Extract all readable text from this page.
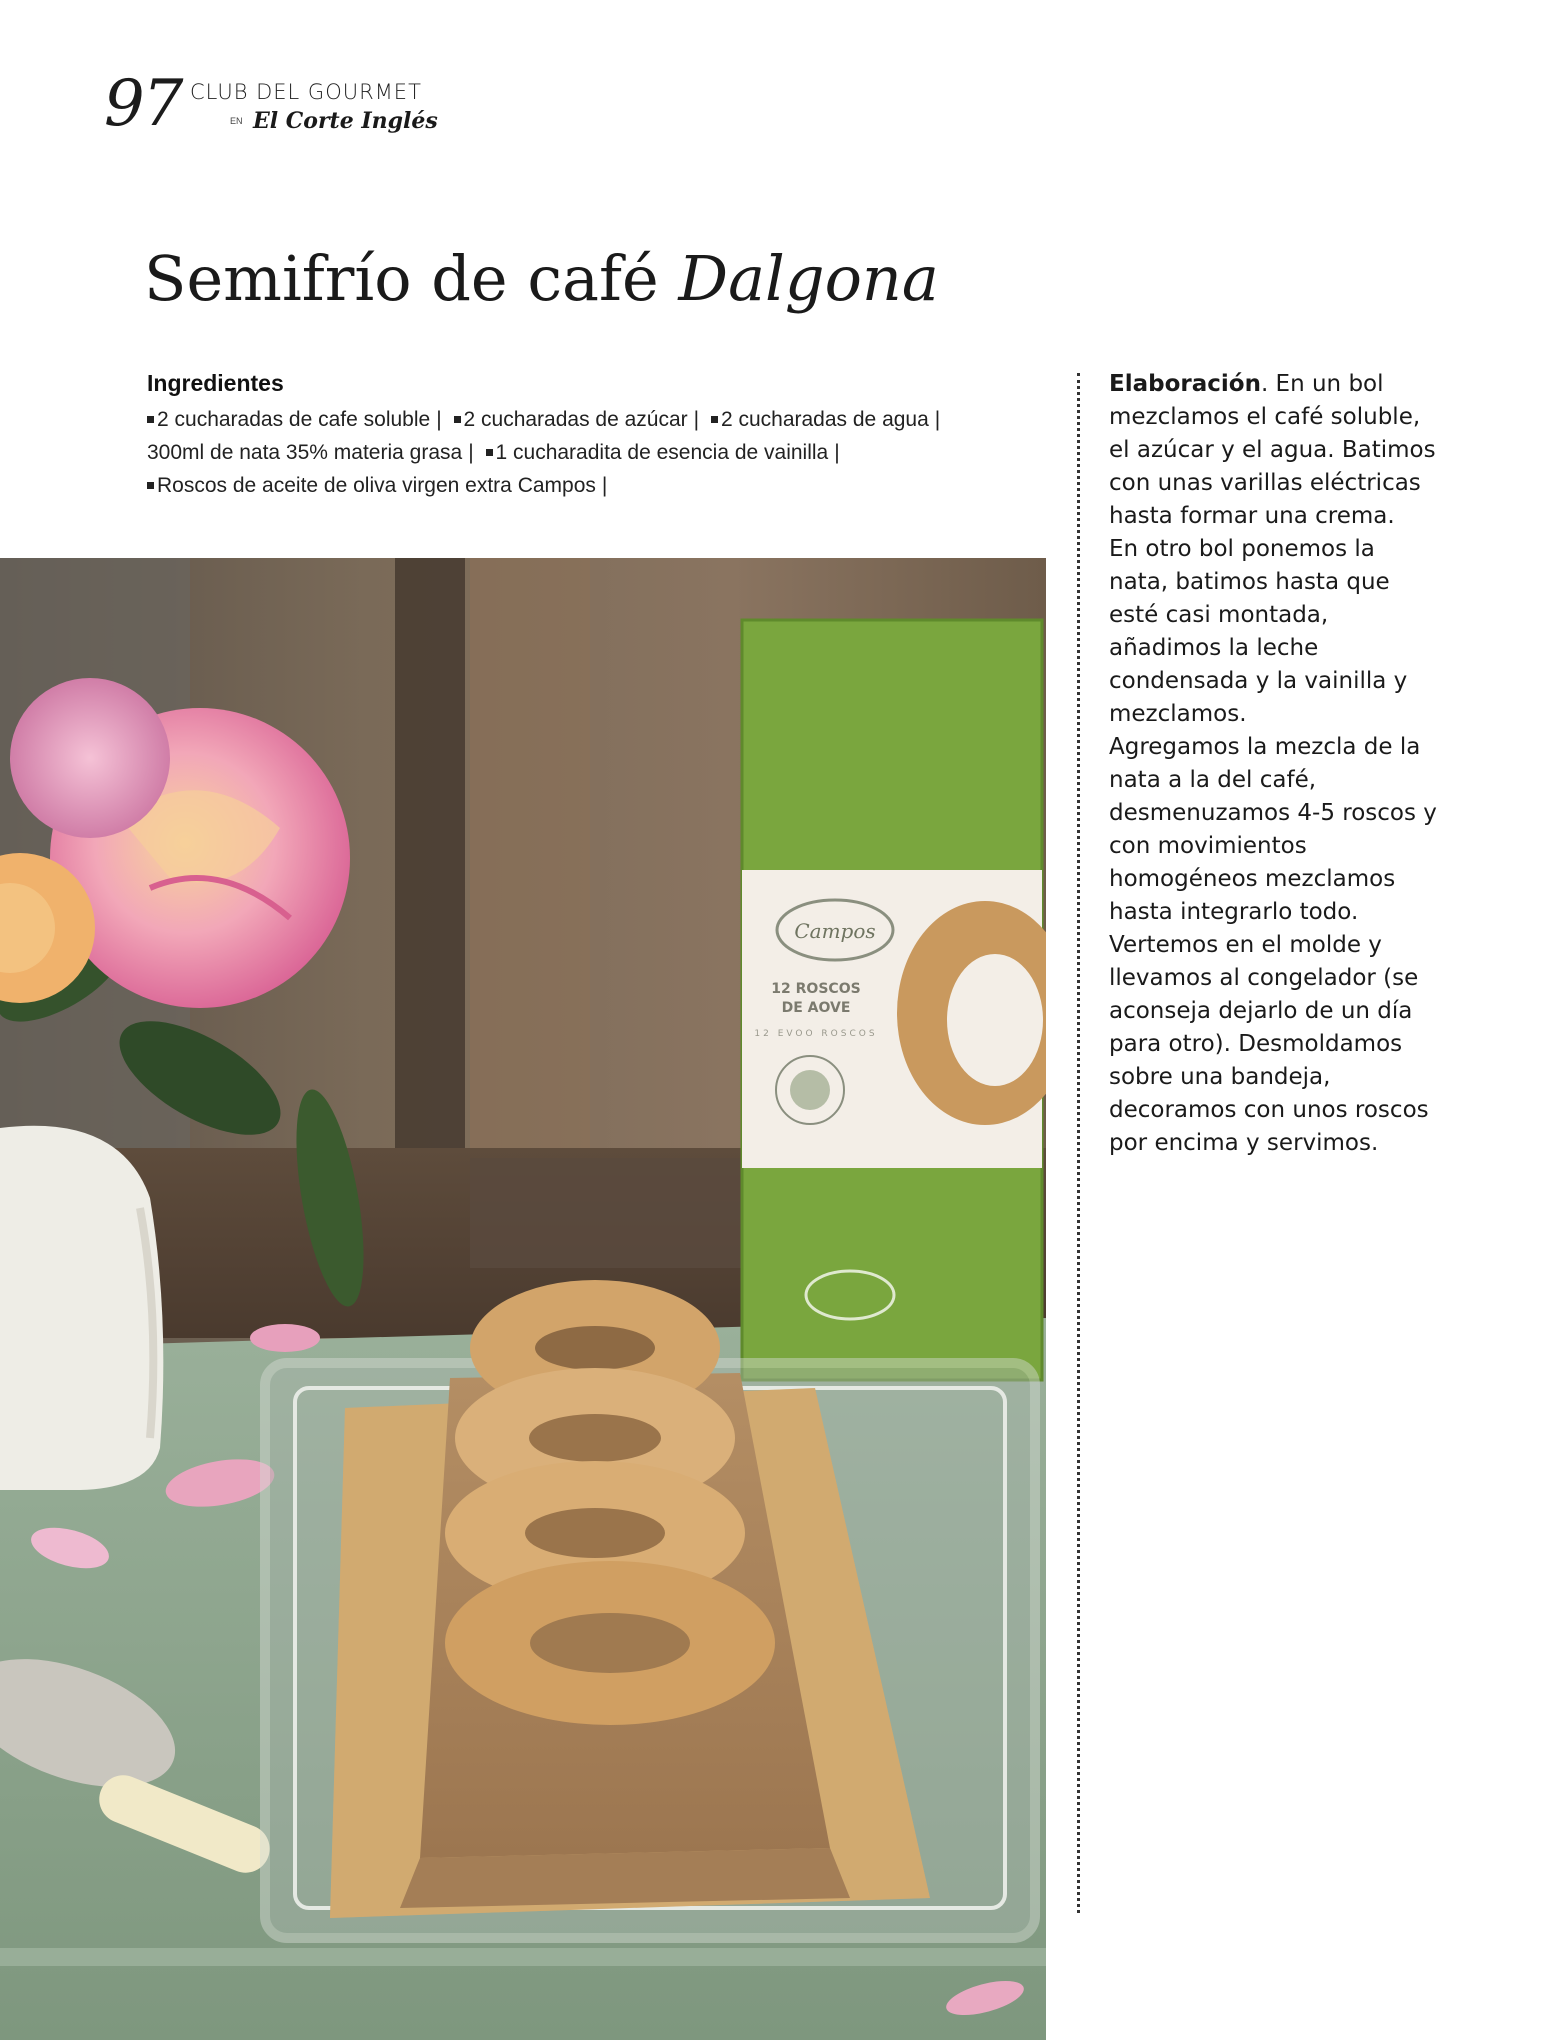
97 CLUB DEL GOURMET
EN El Corte Inglés
Semifrío de café Dalgona
Ingredientes
2 cucharadas de cafe soluble | 2 cucharadas de azúcar | 2 cucharadas de agua |
300ml de nata 35% materia grasa | 1 cucharadita de esencia de vainilla |
Roscos de aceite de oliva virgen extra Campos |
Campos
12 ROSCOS
DE AOVE
12 EVOO ROSCOS

Elaboración. En un bol mezclamos el café soluble, el azúcar y el agua. Batimos con unas varillas eléctricas hasta formar una crema.

En otro bol ponemos la nata, batimos hasta que esté casi montada, añadimos la leche condensada y la vainilla y mezclamos.

Agregamos la mezcla de la nata a la del café, desmenuzamos 4-5 roscos y con movimientos homogéneos mezclamos hasta integrarlo todo. Vertemos en el molde y llevamos al congelador (se aconseja dejarlo de un día para otro). Desmoldamos sobre una bandeja, decoramos con unos roscos por encima y servimos.
